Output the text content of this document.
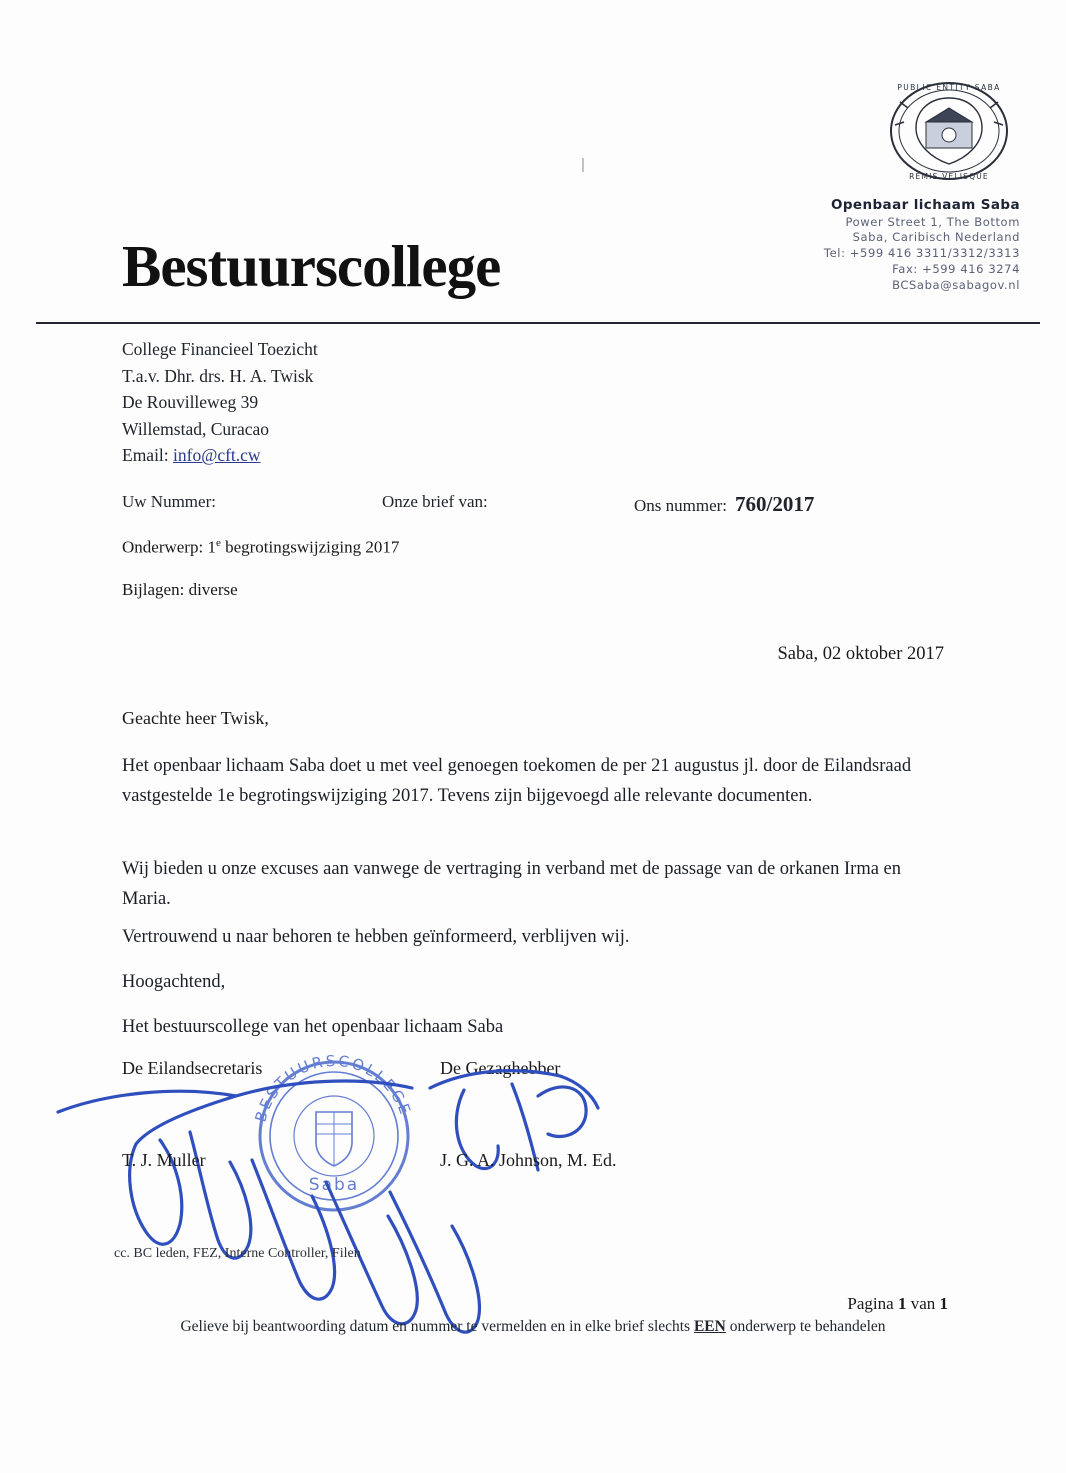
PUBLIC ENTITY SABA
REMIS VELISQUE
Openbaar lichaam Saba
Power Street 1, The Bottom
Saba, Caribisch Nederland
Tel: +599 416 3311/3312/3313
Fax: +599 416 3274
BCSaba@sabagov.nl
Bestuurscollege
College Financieel Toezicht
T.a.v. Dhr. drs. H. A. Twisk
De Rouvilleweg 39
Willemstad, Curacao
Email: info@cft.cw
Uw Nummer:	Onze brief van:	Ons nummer: 760/2017
Onderwerp: 1e begrotingswijziging 2017
Bijlagen: diverse
Saba, 02 oktober 2017
Geachte heer Twisk,
Het openbaar lichaam Saba doet u met veel genoegen toekomen de per 21 augustus jl. door de Eilandsraad vastgestelde 1e begrotingswijziging 2017. Tevens zijn bijgevoegd alle relevante documenten.
Wij bieden u onze excuses aan vanwege de vertraging in verband met de passage van de orkanen Irma en Maria.
Vertrouwend u naar behoren te hebben geïnformeerd, verblijven wij.
Hoogachtend,
Het bestuurscollege van het openbaar lichaam Saba
De Eilandsecretaris	De Gezaghebber
BESTUURSCOLLEGE
Saba
T. J. Muller	J. G. A. Johnson, M. Ed.
cc. BC leden, FEZ, Interne Controller, Filen
Pagina 1 van 1
Gelieve bij beantwoording datum en nummer te vermelden en in elke brief slechts EEN onderwerp te behandelen
